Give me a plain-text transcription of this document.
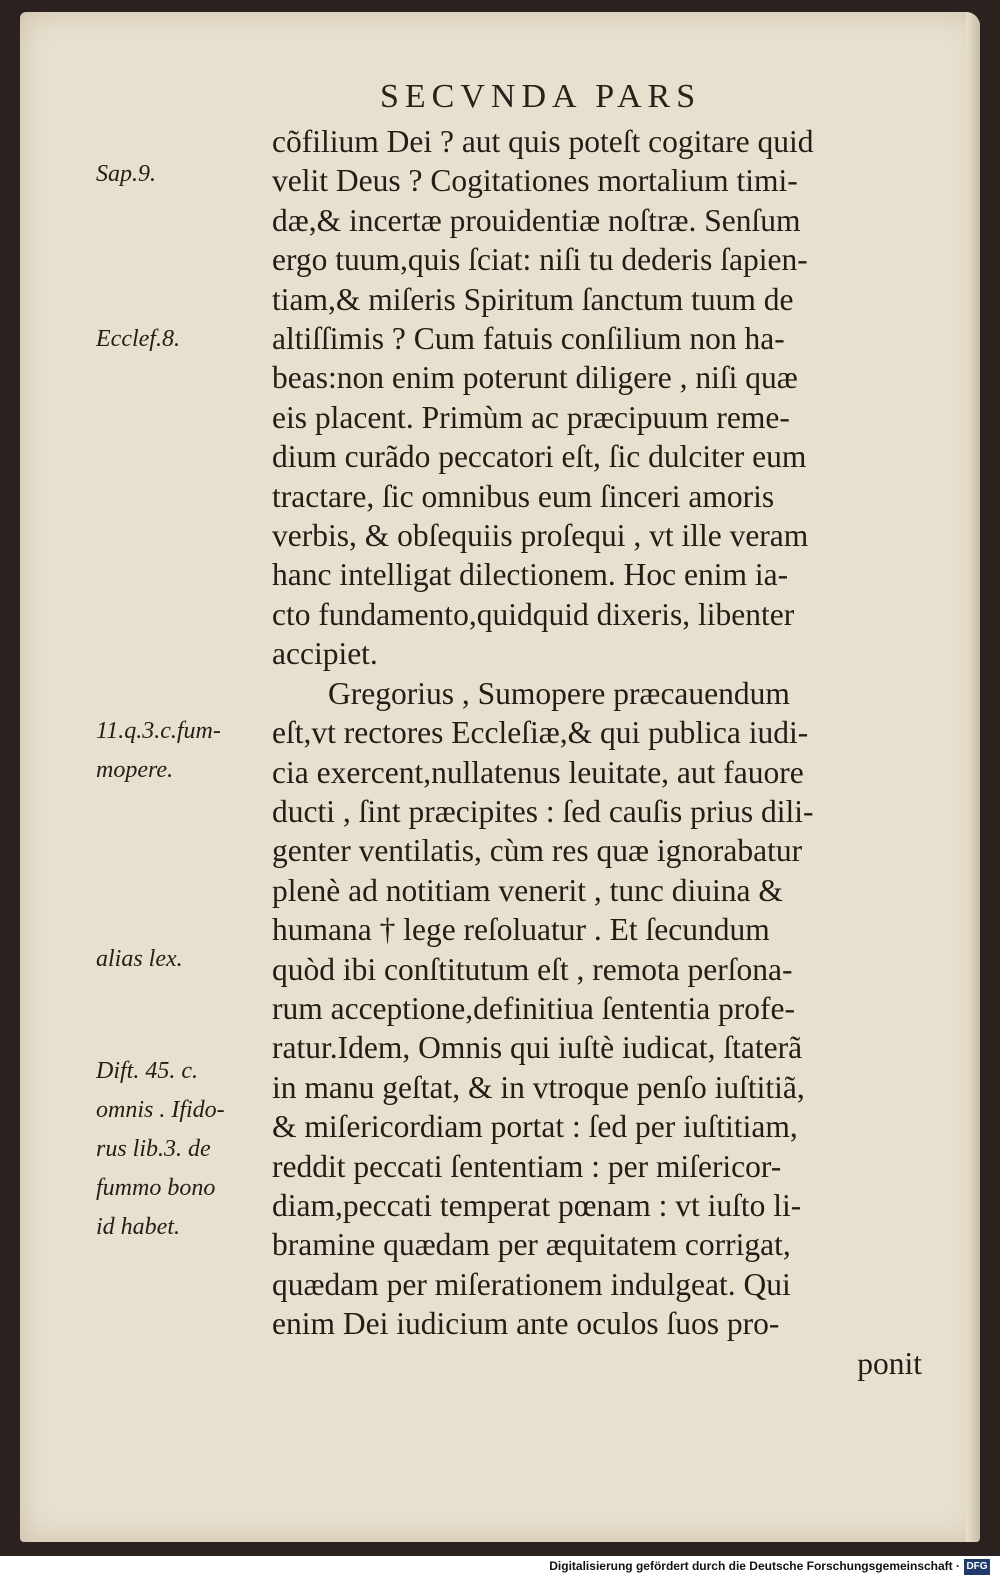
SECVNDA PARS
Sap.9.
Ecclef.8.
11.q.3.c.fum-
mopere.
alias lex.
Dift. 45. c.
omnis . Ifido-
rus lib.3. de
fummo bono
id habet.
cõfilium Dei ? aut quis poteſt cogitare quid
velit Deus ? Cogitationes mortalium timi-
dæ,& incertæ prouidentiæ noſtræ. Senſum
ergo tuum,quis ſciat: niſi tu dederis ſapien-
tiam,& miſeris Spiritum ſanctum tuum de
altiſſimis ? Cum fatuis conſilium non ha-
beas:non enim poterunt diligere , niſi quæ
eis placent. Primùm ac præcipuum reme-
dium curãdo peccatori eſt, ſic dulciter eum
tractare, ſic omnibus eum ſinceri amoris
verbis, & obſequiis proſequi , vt ille veram
hanc intelligat dilectionem. Hoc enim ia-
cto fundamento,quidquid dixeris, libenter
accipiet.
Gregorius , Sumopere præcauendum
eſt,vt rectores Eccleſiæ,& qui publica iudi-
cia exercent,nullatenus leuitate, aut fauore
ducti , ſint præcipites : ſed cauſis prius dili-
genter ventilatis, cùm res quæ ignorabatur
plenè ad notitiam venerit , tunc diuina &
humana † lege reſoluatur . Et ſecundum
quòd ibi conſtitutum eſt , remota perſona-
rum acceptione,definitiua ſententia profe-
ratur.Idem, Omnis qui iuſtè iudicat, ſtaterã
in manu geſtat, & in vtroque penſo iuſtitiã,
& miſericordiam portat : ſed per iuſtitiam,
reddit peccati ſententiam : per miſericor-
diam,peccati temperat pœnam : vt iuſto li-
bramine quædam per æquitatem corrigat,
quædam per miſerationem indulgeat. Qui
enim Dei iudicium ante oculos ſuos pro-
ponit
Digitalisierung gefördert durch die Deutsche Forschungsgemeinschaft · DFG
